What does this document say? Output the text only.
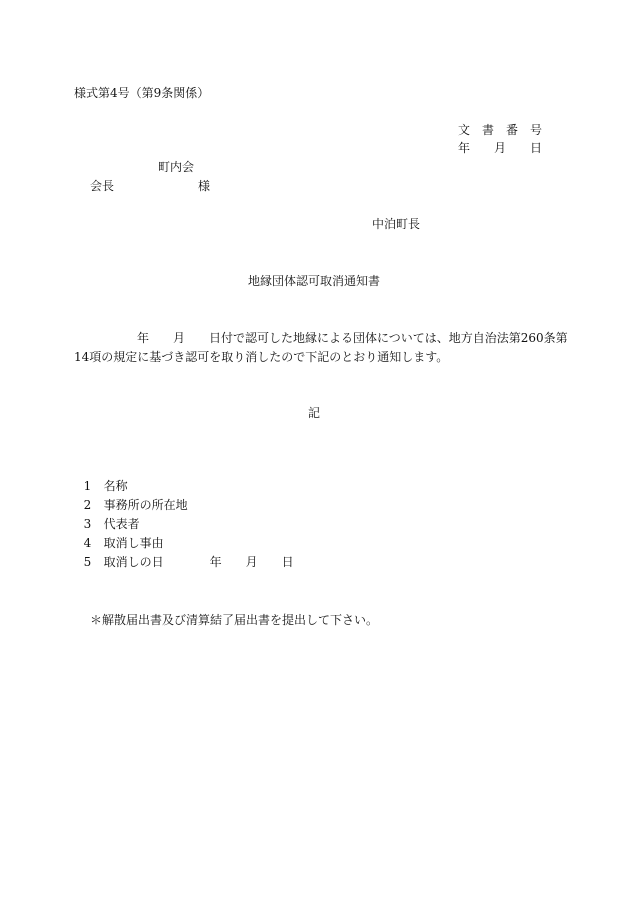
様式第4号（第9条関係）
文　書　番　号
年　　月　　日
町内会
会長　　　　　　　様
中泊町長
地縁団体認可取消通知書
年　　月　　日付で認可した地縁による団体については、地方自治法第260条第
14項の規定に基づき認可を取り消したので下記のとおり通知します。
記

1 名称

2 事務所の所在地

3 代表者

4 取消し事由

5 取消しの日	年　　月　　日

＊解散届出書及び清算結了届出書を提出して下さい。
